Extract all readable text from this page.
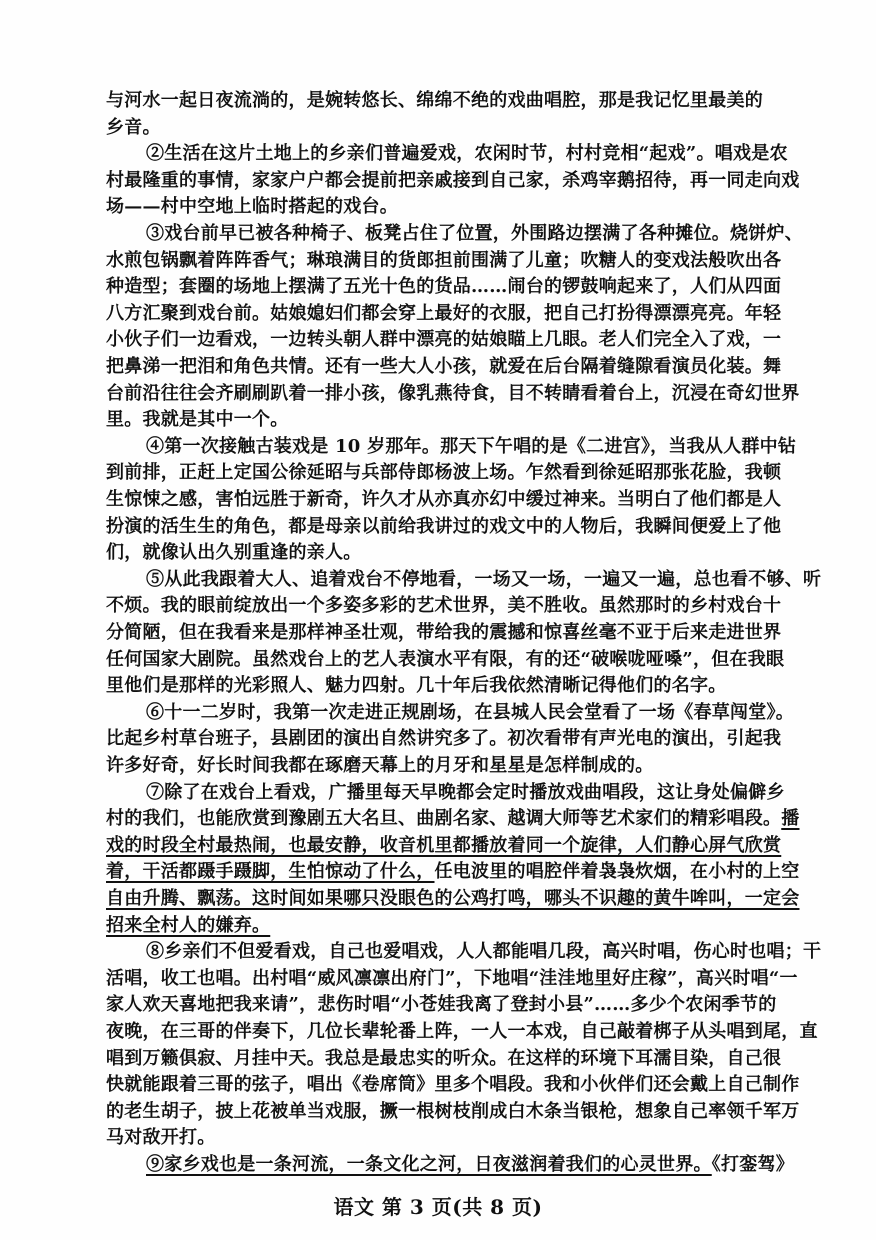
与河水一起日夜流淌的，是婉转悠长、绵绵不绝的戏曲唱腔，那是我记忆里最美的
乡音。
②生活在这片土地上的乡亲们普遍爱戏，农闲时节，村村竞相“起戏”。唱戏是农
村最隆重的事情，家家户户都会提前把亲戚接到自己家，杀鸡宰鹅招待，再一同走向戏
场——村中空地上临时搭起的戏台。
③戏台前早已被各种椅子、板凳占住了位置，外围路边摆满了各种摊位。烧饼炉、
水煎包锅飘着阵阵香气；琳琅满目的货郎担前围满了儿童；吹糖人的变戏法般吹出各
种造型；套圈的场地上摆满了五光十色的货品……闹台的锣鼓响起来了，人们从四面
八方汇聚到戏台前。姑娘媳妇们都会穿上最好的衣服，把自己打扮得漂漂亮亮。年轻
小伙子们一边看戏，一边转头朝人群中漂亮的姑娘瞄上几眼。老人们完全入了戏，一
把鼻涕一把泪和角色共情。还有一些大人小孩，就爱在后台隔着缝隙看演员化装。舞
台前沿往往会齐刷刷趴着一排小孩，像乳燕待食，目不转睛看着台上，沉浸在奇幻世界
里。我就是其中一个。
④第一次接触古装戏是 10 岁那年。那天下午唱的是《二进宫》，当我从人群中钻
到前排，正赶上定国公徐延昭与兵部侍郎杨波上场。乍然看到徐延昭那张花脸，我顿
生惊悚之感，害怕远胜于新奇，许久才从亦真亦幻中缓过神来。当明白了他们都是人
扮演的活生生的角色，都是母亲以前给我讲过的戏文中的人物后，我瞬间便爱上了他
们，就像认出久别重逢的亲人。
⑤从此我跟着大人、追着戏台不停地看，一场又一场，一遍又一遍，总也看不够、听
不烦。我的眼前绽放出一个多姿多彩的艺术世界，美不胜收。虽然那时的乡村戏台十
分简陋，但在我看来是那样神圣壮观，带给我的震撼和惊喜丝毫不亚于后来走进世界
任何国家大剧院。虽然戏台上的艺人表演水平有限，有的还“破喉咙哑嗓”，但在我眼
里他们是那样的光彩照人、魅力四射。几十年后我依然清晰记得他们的名字。
⑥十一二岁时，我第一次走进正规剧场，在县城人民会堂看了一场《春草闯堂》。
比起乡村草台班子，县剧团的演出自然讲究多了。初次看带有声光电的演出，引起我
许多好奇，好长时间我都在琢磨天幕上的月牙和星星是怎样制成的。
⑦除了在戏台上看戏，广播里每天早晚都会定时播放戏曲唱段，这让身处偏僻乡
村的我们，也能欣赏到豫剧五大名旦、曲剧名家、越调大师等艺术家们的精彩唱段。播
戏的时段全村最热闹，也最安静，收音机里都播放着同一个旋律，人们静心屏气欣赏
着，干活都蹑手蹑脚，生怕惊动了什么，任电波里的唱腔伴着袅袅炊烟，在小村的上空
自由升腾、飘荡。这时间如果哪只没眼色的公鸡打鸣，哪头不识趣的黄牛哞叫，一定会
招来全村人的嫌弃。
⑧乡亲们不但爱看戏，自己也爱唱戏，人人都能唱几段，高兴时唱，伤心时也唱；干
活唱，收工也唱。出村唱“威风凛凛出府门”，下地唱“洼洼地里好庄稼”，高兴时唱“一
家人欢天喜地把我来请”，悲伤时唱“小苍娃我离了登封小县”……多少个农闲季节的
夜晚，在三哥的伴奏下，几位长辈轮番上阵，一人一本戏，自己敲着梆子从头唱到尾，直
唱到万籁俱寂、月挂中天。我总是最忠实的听众。在这样的环境下耳濡目染，自己很
快就能跟着三哥的弦子，唱出《卷席筒》里多个唱段。我和小伙伴们还会戴上自己制作
的老生胡子，披上花被单当戏服，撅一根树枝削成白木条当银枪，想象自己率领千军万
马对敌开打。
⑨家乡戏也是一条河流，一条文化之河，日夜滋润着我们的心灵世界。《打銮驾》
语文 第 3 页(共 8 页)
